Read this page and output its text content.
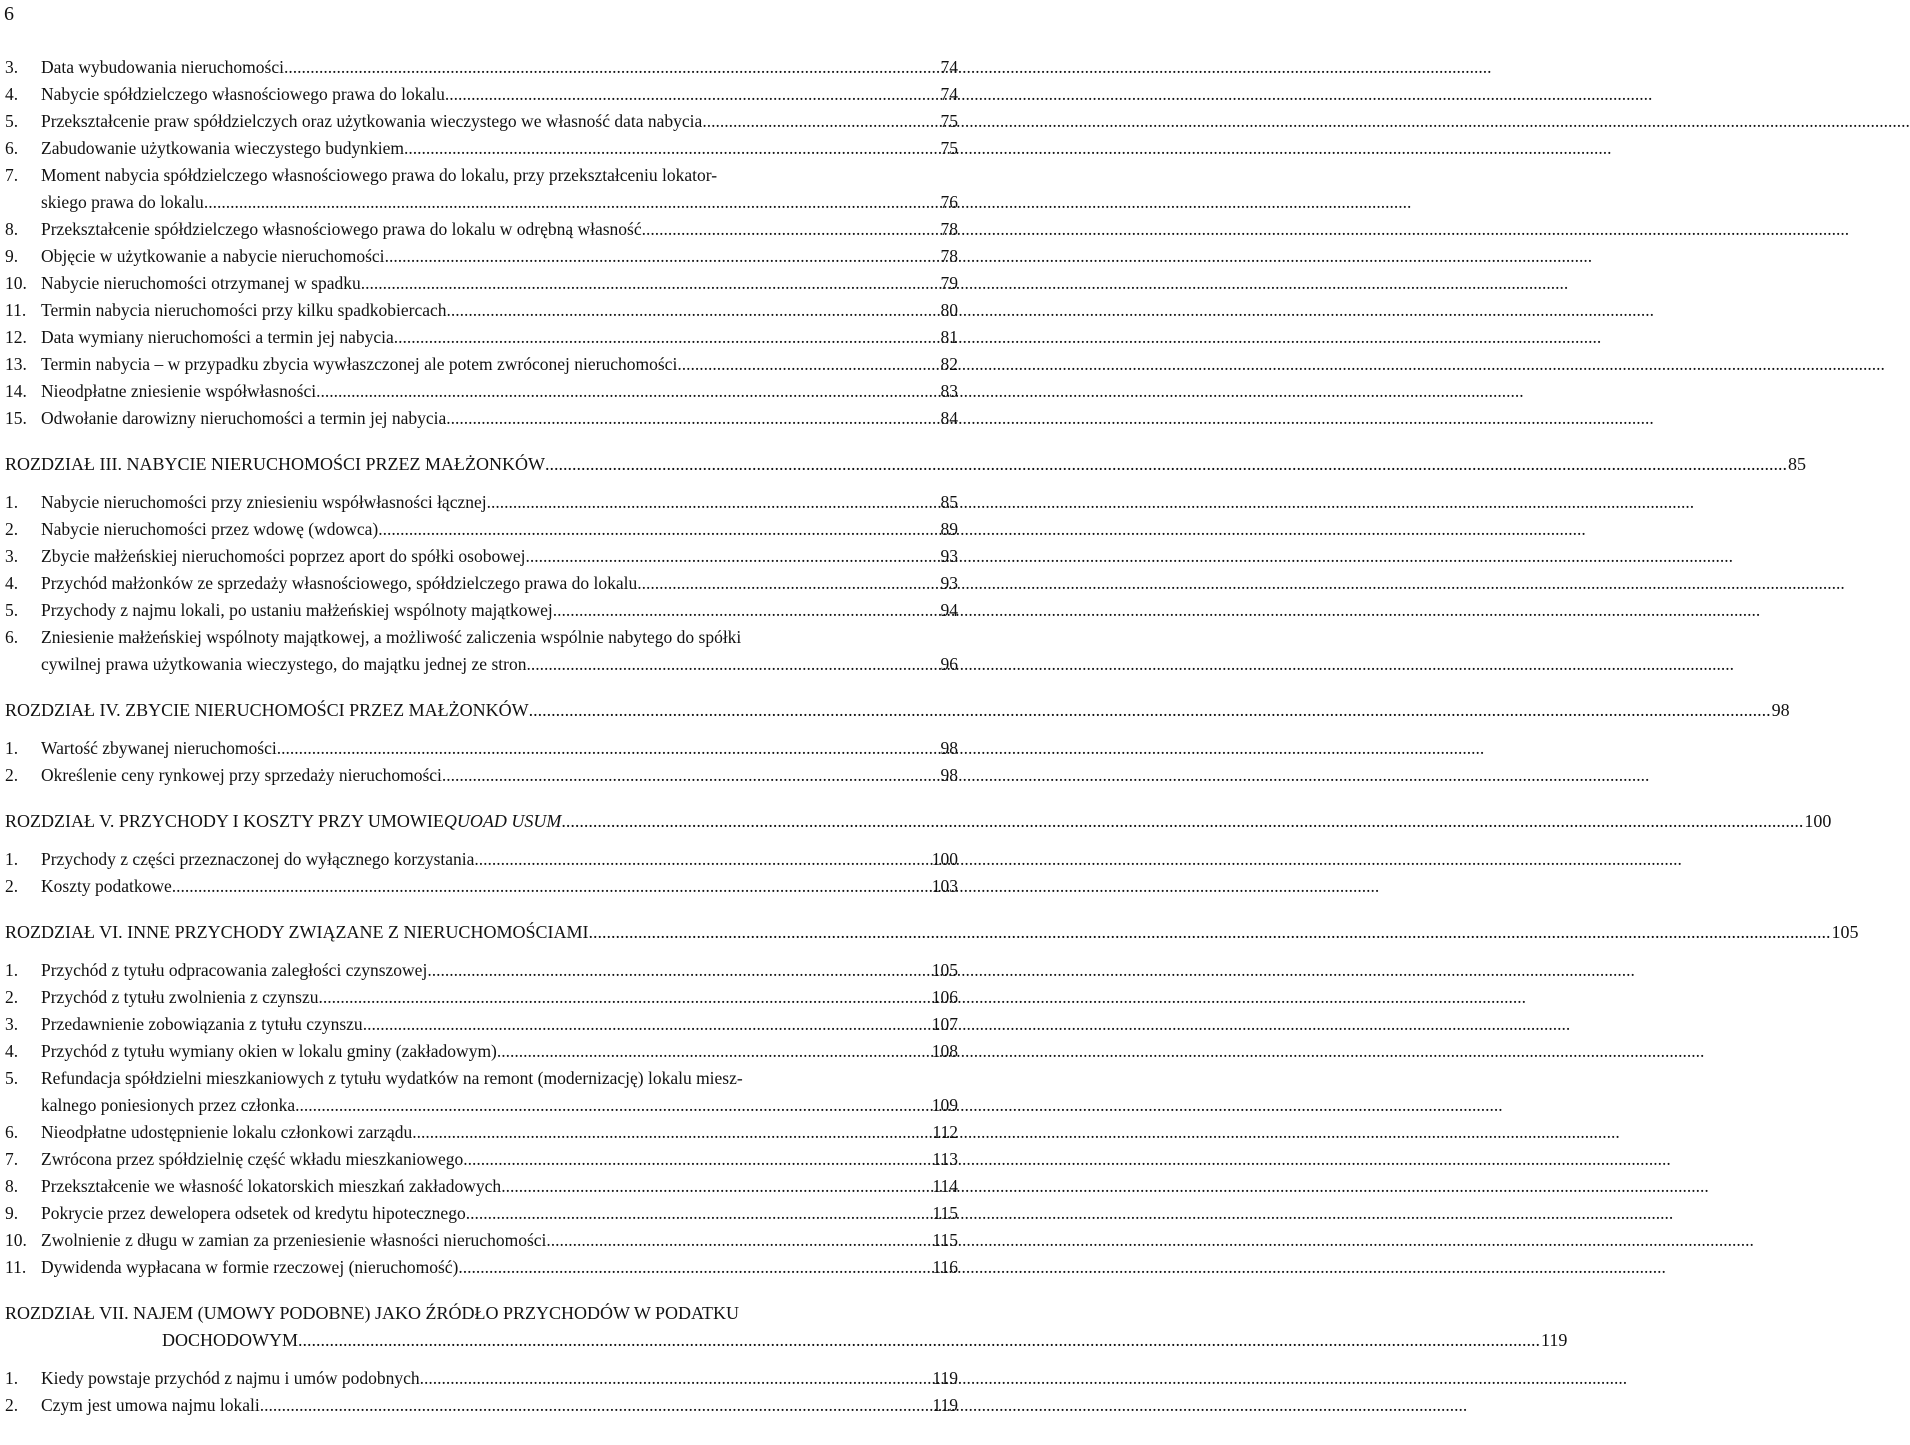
6
3.	Data wybudowania nieruchomości .....	74
4.	Nabycie spółdzielczego własnościowego prawa do lokalu .....	74
5.	Przekształcenie praw spółdzielczych oraz użytkowania wieczystego we własność data nabycia .....	75
6.	Zabudowanie użytkowania wieczystego budynkiem .....	75
7.	Moment nabycia spółdzielczego własnościowego prawa do lokalu, przy przekształceniu lokator-
skiego prawa do lokalu .....	76
8.	Przekształcenie spółdzielczego własnościowego prawa do lokalu w odrębną własność .....	78
9.	Objęcie w użytkowanie a nabycie nieruchomości .....	78
10. Nabycie nieruchomości otrzymanej w spadku .....	79
11. Termin nabycia nieruchomości przy kilku spadkobiercach .....	80
12. Data wymiany nieruchomości a termin jej nabycia .....	81
13. Termin nabycia – w przypadku zbycia wywłaszczonej ale potem zwróconej nieruchomości .....	82
14. Nieodpłatne zniesienie współwłasności .....	83
15. Odwołanie darowizny nieruchomości a termin jej nabycia .....	84
ROZDZIAŁ III. NABYCIE NIERUCHOMOŚCI PRZEZ MAŁŻONKÓW .....	85
1.	Nabycie nieruchomości przy zniesieniu współwłasności łącznej .....	85
2.	Nabycie nieruchomości przez wdowę (wdowca) .....	89
3.	Zbycie małżeńskiej nieruchomości poprzez aport do spółki osobowej .....	93
4.	Przychód małżonków ze sprzedaży własnościowego, spółdzielczego prawa do lokalu .....	93
5.	Przychody z najmu lokali, po ustaniu małżeńskiej wspólnoty majątkowej .....	94
6.	Zniesienie małżeńskiej wspólnoty majątkowej, a możliwość zaliczenia wspólnie nabytego do spółki
cywilnej prawa użytkowania wieczystego, do majątku jednej ze stron .....	96
ROZDZIAŁ IV. ZBYCIE NIERUCHOMOŚCI PRZEZ MAŁŻONKÓW .....	98
1.	Wartość zbywanej nieruchomości .....	98
2.	Określenie ceny rynkowej przy sprzedaży nieruchomości .....	98
ROZDZIAŁ V. PRZYCHODY I KOSZTY PRZY UMOWIE QUOAD USUM .....	100
1.	Przychody z części przeznaczonej do wyłącznego korzystania .....	100
2.	Koszty podatkowe .....	103
ROZDZIAŁ VI. INNE PRZYCHODY ZWIĄZANE Z NIERUCHOMOŚCIAMI .....	105
1.	Przychód z tytułu odpracowania zaległości czynszowej .....	105
2.	Przychód z tytułu zwolnienia z czynszu .....	106
3.	Przedawnienie zobowiązania z tytułu czynszu .....	107
4.	Przychód z tytułu wymiany okien w lokalu gminy (zakładowym) .....	108
5.	Refundacja spółdzielni mieszkaniowych z tytułu wydatków na remont (modernizację) lokalu miesz-
kalnego poniesionych przez członka .....	109
6.	Nieodpłatne udostępnienie lokalu członkowi zarządu .....	112
7.	Zwrócona przez spółdzielnię część wkładu mieszkaniowego .....	113
8.	Przekształcenie we własność lokatorskich mieszkań zakładowych .....	114
9.	Pokrycie przez dewelopera odsetek od kredytu hipotecznego .....	115
10. Zwolnienie z długu w zamian za przeniesienie własności nieruchomości .....	115
11. Dywidenda wypłacana w formie rzeczowej (nieruchomość) .....	116
ROZDZIAŁ VII. NAJEM (UMOWY PODOBNE) JAKO ŹRÓDŁO PRZYCHODÓW W PODATKU
DOCHODOWYM .....	119
1.	Kiedy powstaje przychód z najmu i umów podobnych .....	119
2.	Czym jest umowa najmu lokali .....	119
